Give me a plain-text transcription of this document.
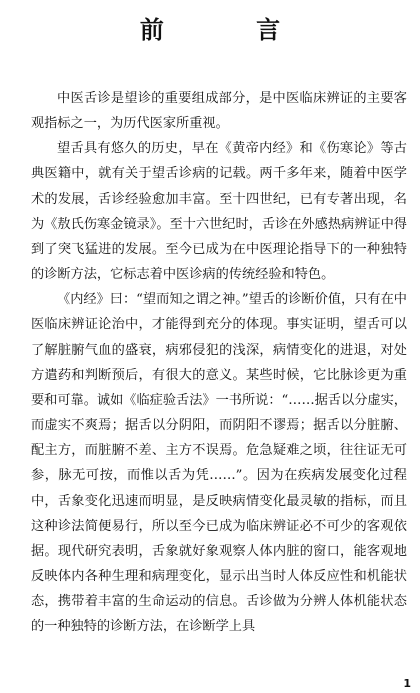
前 言

中医舌诊是望诊的重要组成部分，是中医临床辨证的主要客观指标之一，为历代医家所重视。

望舌具有悠久的历史，早在《黄帝内经》和《伤寒论》等古典医籍中，就有关于望舌诊病的记载。两千多年来，随着中医学术的发展，舌诊经验愈加丰富。至十四世纪，已有专著出现，名为《敖氏伤寒金镜录》。至十六世纪时，舌诊在外感热病辨证中得到了突飞猛进的发展。至今已成为在中医理论指导下的一种独特的诊断方法，它标志着中医诊病的传统经验和特色。

《内经》曰：“望而知之谓之神。”望舌的诊断价值，只有在中医临床辨证论治中，才能得到充分的体现。事实证明，望舌可以了解脏腑气血的盛衰，病邪侵犯的浅深，病情变化的进退，对处方遣药和判断预后，有很大的意义。某些时候，它比脉诊更为重要和可靠。诚如《临症验舌法》一书所说：“……据舌以分虚实，而虚实不爽焉；据舌以分阴阳，而阴阳不谬焉；据舌以分脏腑、配主方，而脏腑不差、主方不误焉。危急疑难之顷，往往证无可参，脉无可按，而惟以舌为凭……”。因为在疾病发展变化过程中，舌象变化迅速而明显，是反映病情变化最灵敏的指标，而且这种诊法简便易行，所以至今已成为临床辨证必不可少的客观依据。现代研究表明，舌象就好象观察人体内脏的窗口，能客观地反映体内各种生理和病理变化，显示出当时人体反应性和机能状态，携带着丰富的生命运动的信息。舌诊做为分辨人体机能状态的一种独特的诊断方法，在诊断学上具

1
